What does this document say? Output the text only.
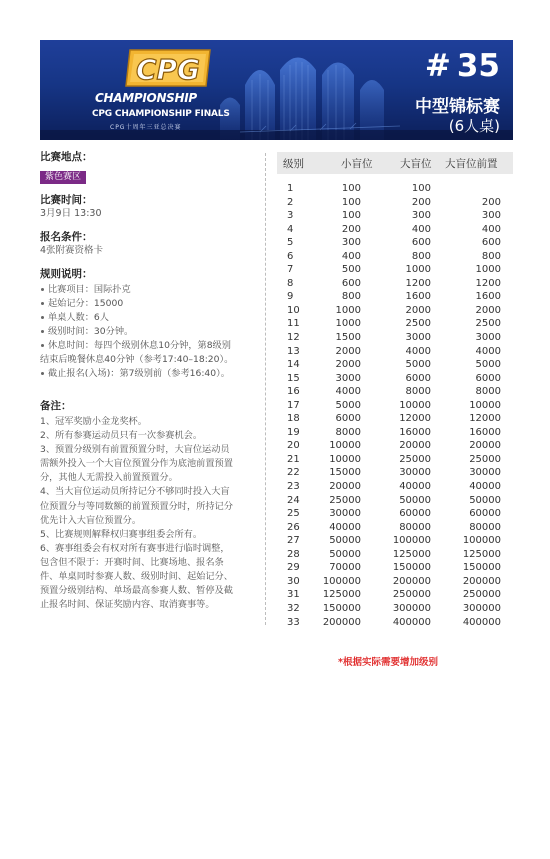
CPG
CHAMPIONSHIP
CPG CHAMPIONSHIP FINALS
CPG十周年三亚总决赛
# 35
中型锦标赛
(6人桌)
比赛地点：
紫色赛区
比赛时间：
3月9日 13:30
报名条件：
4张附赛资格卡
规则说明：
比赛项目：国际扑克
起始记分：15000
单桌人数：6人
级别时间：30分钟。
休息时间：每四个级别休息10分钟，第8级别
结束后晚餐休息40分钟（参考17:40–18:20）。
截止报名(入场)：第7级别前（参考16:40）。
备注：
1、冠军奖励小金龙奖杯。
2、所有参赛运动员只有一次参赛机会。
3、预置分级别有前置预置分时，大盲位运动员
需额外投入一个大盲位预置分作为底池前置预置
分，其他人无需投入前置预置分。
4、当大盲位运动员所持记分不够同时投入大盲
位预置分与等同数额的前置预置分时，所持记分
优先计入大盲位预置分。
5、比赛规则解释权归赛事组委会所有。
6、赛事组委会有权对所有赛事进行临时调整，
包含但不限于：开赛时间、比赛场地、报名条
件、单桌同时参赛人数、级别时间、起始记分、
预置分级别结构、单场最高参赛人数、暂停及截
止报名时间、保证奖励内容、取消赛事等。
级别	小盲位	大盲位 大盲位前置
1	100	100
2	100	200	200
3	100	300	300
4	200	400	400
5	300	600	600
6	400	800	800
7	500	1000	1000
8	600	1200	1200
9	800	1600	1600
10	1000	2000	2000
11	1000	2500	2500
12	1500	3000	3000
13	2000	4000	4000
14	2000	5000	5000
15	3000	6000	6000
16	4000	8000	8000
17	5000	10000	10000
18	6000	12000	12000
19	8000	16000	16000
20	10000	20000	20000
21	10000	25000	25000
22	15000	30000	30000
23	20000	40000	40000
24	25000	50000	50000
25	30000	60000	60000
26	40000	80000	80000
27	50000	100000	100000
28	50000	125000	125000
29	70000	150000	150000
30 100000	200000	200000
31 125000	250000	250000
32 150000	300000	300000
33 200000	400000	400000
*根据实际需要增加级别
